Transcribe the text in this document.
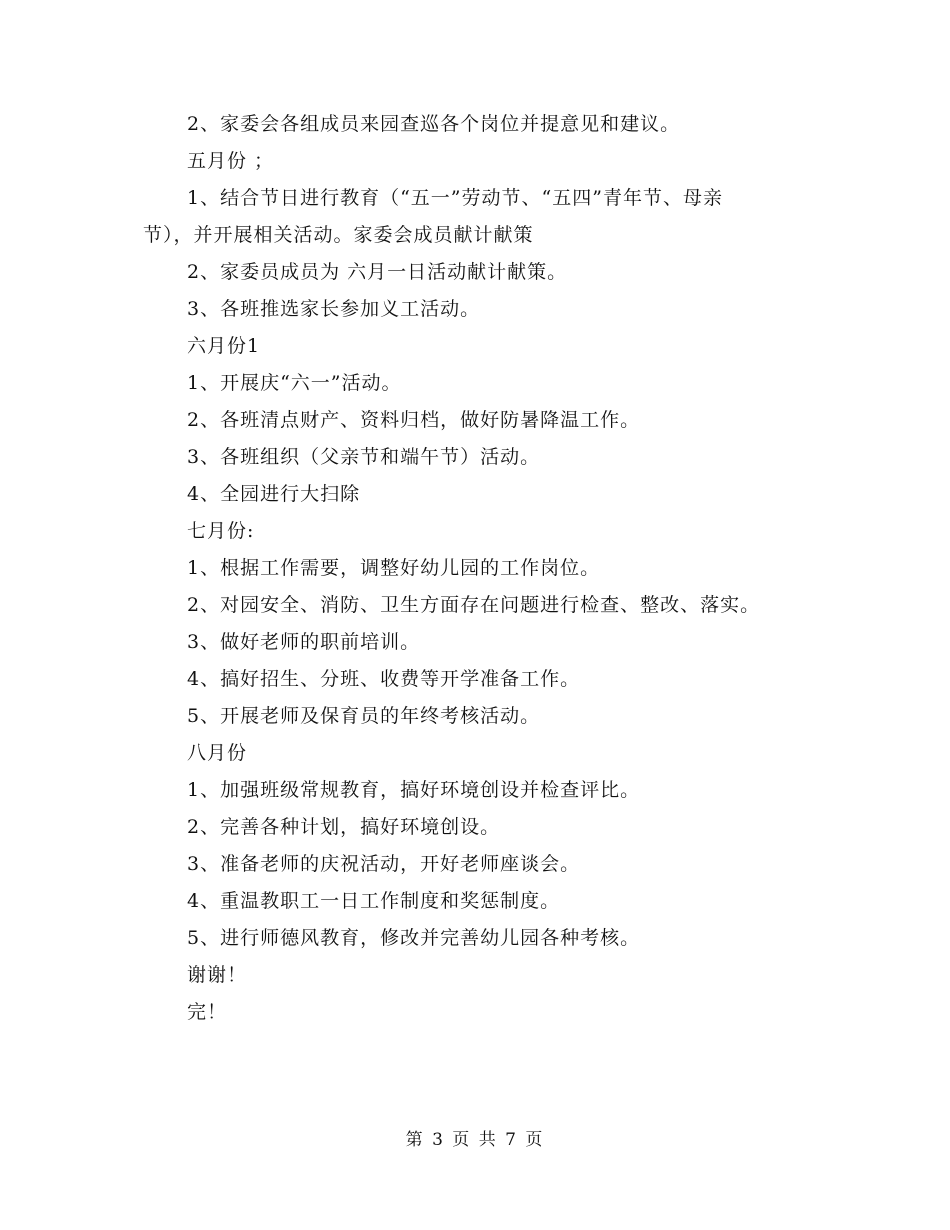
2、家委会各组成员来园查巡各个岗位并提意见和建议。
五月份 ；
1、结合节日进行教育（“五一”劳动节、“五四”青年节、母亲
节），并开展相关活动。家委会成员献计献策
2、家委员成员为 六月一日活动献计献策。
3、各班推选家长参加义工活动。
六月份1
1、开展庆“六一”活动。
2、各班清点财产、资料归档，做好防暑降温工作。
3、各班组织（父亲节和端午节）活动。
4、全园进行大扫除
七月份:
1、根据工作需要，调整好幼儿园的工作岗位。
2、对园安全、消防、卫生方面存在问题进行检查、整改、落实。
3、做好老师的职前培训。
4、搞好招生、分班、收费等开学准备工作。
5、开展老师及保育员的年终考核活动。
八月份
1、加强班级常规教育，搞好环境创设并检查评比。
2、完善各种计划，搞好环境创设。
3、准备老师的庆祝活动，开好老师座谈会。
4、重温教职工一日工作制度和奖惩制度。
5、进行师德风教育，修改并完善幼儿园各种考核。
谢谢！
完！
第 3 页 共 7 页
